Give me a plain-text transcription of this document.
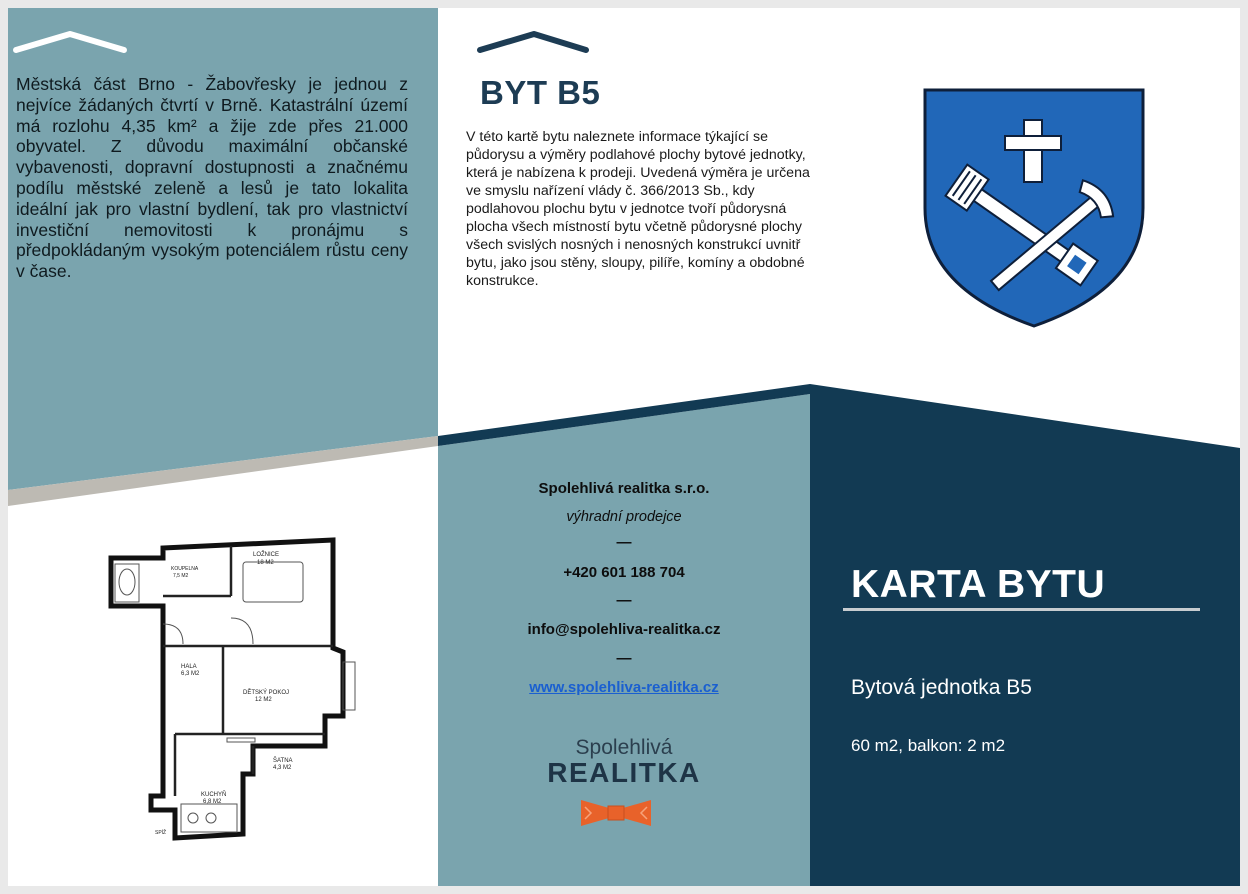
LOŽNICE
18 M2
KOUPELNA
7,5 M2
HALA
6,3 M2
DĚTSKÝ POKOJ
12 M2
ŠATNA
4,3 M2
KUCHYŇ
6,8 M2
SPÍŽ

Městská část Brno - Žabovřesky je jednou z nejvíce žádaných čtvrtí v Brně. Katastrální území má rozlohu 4,35 km² a žije zde přes 21.000 obyvatel. Z důvodu maximální občanské vybavenosti, dopravní dostupnosti a značnému podílu městské zeleně a lesů je tato lokalita ideální jak pro vlastní bydlení, tak pro vlastnictví investiční nemovitosti k pronájmu s předpokládaným vysokým potenciálem růstu ceny v čase.

BYT B5

V této kartě bytu naleznete informace týkající se půdorysu a výměry podlahové plochy bytové jednotky, která je nabízena k prodeji. Uvedená výměra je určena ve smyslu nařízení vlády č. 366/2013 Sb., kdy podlahovou plochu bytu v jednotce tvoří půdorysná plocha všech místností bytu včetně půdorysné plochy všech svislých nosných i nenosných konstrukcí uvnitř bytu, jako jsou stěny, sloupy, pilíře, komíny a obdobné konstrukce.

Spolehlivá realitka s.r.o.
výhradní prodejce
—
+420 601 188 704
—
info@spolehliva-realitka.cz
—
www.spolehliva-realitka.cz
Spolehlivá
REALITKA
KARTA BYTU
Bytová jednotka B5
60 m2, balkon: 2 m2
